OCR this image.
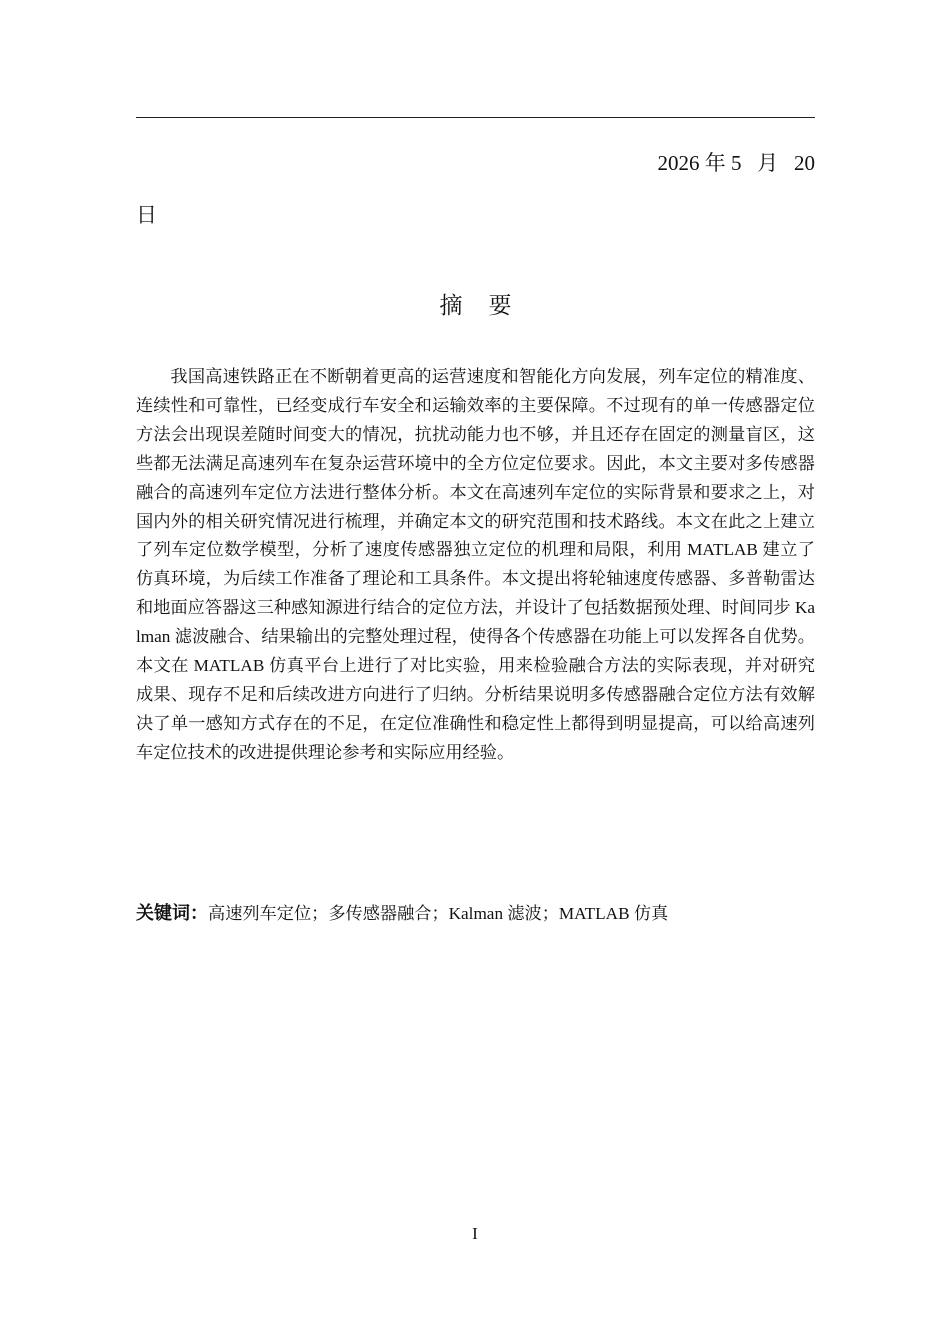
2026 年 5   月   20
日
摘 要

我国高速铁路正在不断朝着更高的运营速度和智能化方向发展，列车定位的精准度、连续性和可靠性，已经变成行车安全和运输效率的主要保障。不过现有的单一传感器定位方法会出现误差随时间变大的情况，抗扰动能力也不够，并且还存在固定的测量盲区，这些都无法满足高速列车在复杂运营环境中的全方位定位要求。因此，本文主要对多传感器融合的高速列车定位方法进行整体分析。本文在高速列车定位的实际背景和要求之上，对国内外的相关研究情况进行梳理，并确定本文的研究范围和技术路线。本文在此之上建立了列车定位数学模型，分析了速度传感器独立定位的机理和局限，利用 MATLAB 建立了仿真环境，为后续工作准备了理论和工具条件。本文提出将轮轴速度传感器、多普勒雷达和地面应答器这三种感知源进行结合的定位方法，并设计了包括数据预处理、时间同步 Kalman 滤波融合、结果输出的完整处理过程，使得各个传感器在功能上可以发挥各自优势。本文在 MATLAB 仿真平台上进行了对比实验，用来检验融合方法的实际表现，并对研究成果、现存不足和后续改进方向进行了归纳。分析结果说明多传感器融合定位方法有效解决了单一感知方式存在的不足，在定位准确性和稳定性上都得到明显提高，可以给高速列车定位技术的改进提供理论参考和实际应用经验。

关键词：高速列车定位；多传感器融合；Kalman 滤波；MATLAB 仿真
I
